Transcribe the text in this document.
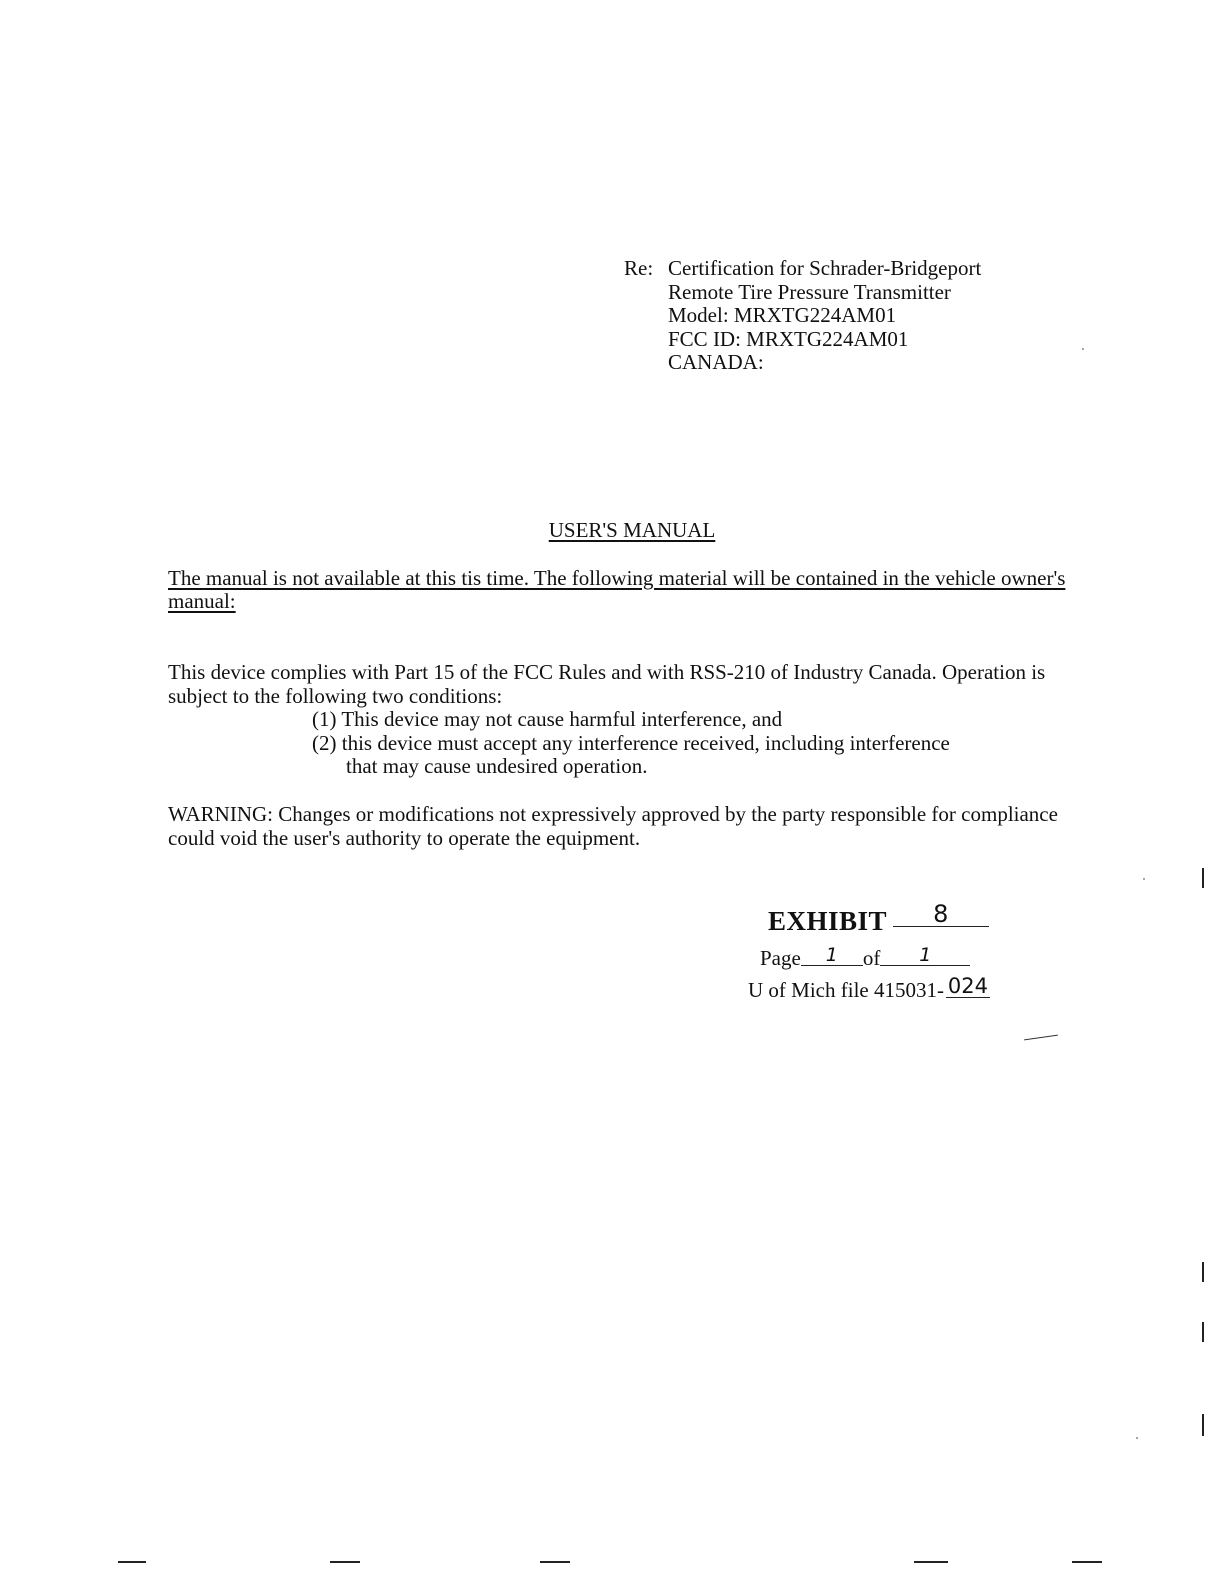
Re: Certification for Schrader-Bridgeport
Remote Tire Pressure Transmitter
Model: MRXTG224AM01
FCC ID: MRXTG224AM01
CANADA:
USER'S MANUAL
The manual is not available at this tis time. The following material will be contained in the vehicle owner's manual:
This device complies with Part 15 of the FCC Rules and with RSS-210 of Industry Canada. Operation is subject to the following two conditions:
(1) This device may not cause harmful interference, and
(2) this device must accept any interference received, including interference
that may cause undesired operation.
WARNING: Changes or modifications not expressively approved by the party responsible for compliance could void the user's authority to operate the equipment.
EXHIBIT 8
Page 1 of 1
U of Mich file 415031- 024
